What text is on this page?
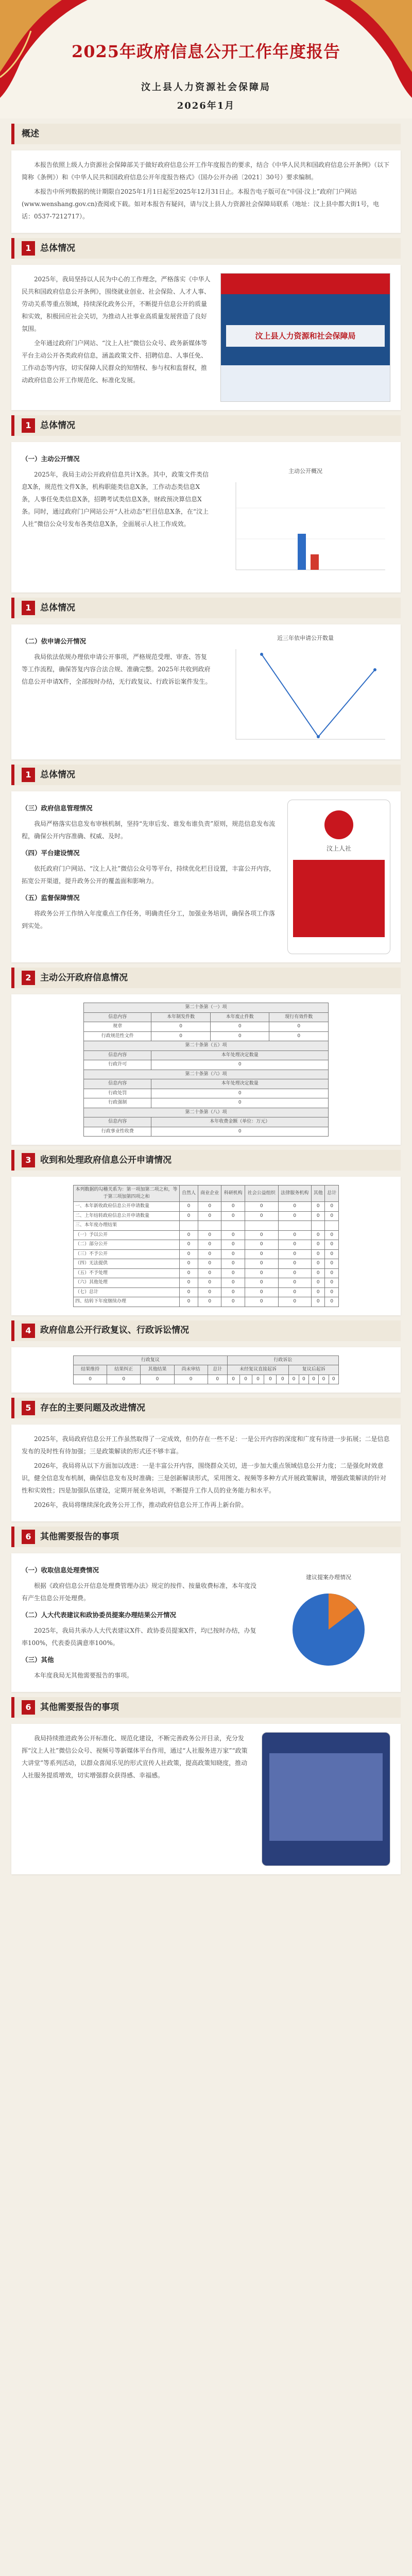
2025年政府信息公开工作年度报告
汶上县人力资源社会保障局
2026年1月
概述

本报告依照上级人力资源社会保障部关于做好政府信息公开工作年度报告的要求，结合《中华人民共和国政府信息公开条例》（以下简称《条例》）和《中华人民共和国政府信息公开年度报告格式》（国办公开办函〔2021〕30号）要求编制。

本报告中所列数据的统计期限自2025年1月1日起至2025年12月31日止。本报告电子版可在“中国·汶上”政府门户网站(www.wenshang.gov.cn)查阅或下载。如对本报告有疑问，请与汶上县人力资源社会保障局联系（地址：汶上县中都大街1号，电话：0537-7212717）。

1	总体情况

2025年，我局坚持以人民为中心的工作理念，严格落实《中华人民共和国政府信息公开条例》，围绕就业创业、社会保险、人才人事、劳动关系等重点领域，持续深化政务公开，不断提升信息公开的质量和实效，积极回应社会关切，为推动人社事业高质量发展营造了良好氛围。

全年通过政府门户网站、“汶上人社”微信公众号、政务新媒体等平台主动公开各类政府信息，涵盖政策文件、招聘信息、人事任免、工作动态等内容，切实保障人民群众的知情权、参与权和监督权，推动政府信息公开工作规范化、标准化发展。

汶上县人力资源和社会保障局
1	总体情况
（一）主动公开情况

2025年，我局主动公开政府信息共计X条。其中，政策文件类信息X条，规范性文件X条，机构职能类信息X条，工作动态类信息X条，人事任免类信息X条，招聘考试类信息X条，财政预决算信息X条。同时，通过政府门户网站公开“人社动态”栏目信息X条，在“汶上人社”微信公众号发布各类信息X条，全面展示人社工作成效。

主动公开概况
1	总体情况
（二）依申请公开情况

我局依法依规办理依申请公开事项，严格规范受理、审查、答复等工作流程，确保答复内容合法合规、准确完整。2025年共收到政府信息公开申请X件，全部按时办结，无行政复议、行政诉讼案件发生。

近三年依申请公开数量
1	总体情况
（三）政府信息管理情况

我局严格落实信息发布审核机制，坚持“先审后发、谁发布谁负责”原则，规范信息发布流程，确保公开内容准确、权威、及时。

（四）平台建设情况

依托政府门户网站、“汶上人社”微信公众号等平台，持续优化栏目设置，丰富公开内容，拓宽公开渠道，提升政务公开的覆盖面和影响力。

（五）监督保障情况

将政务公开工作纳入年度重点工作任务，明确责任分工，加强业务培训，确保各项工作落到实处。

汶上人社
2	主动公开政府信息情况
第二十条第（一）项			
信息内容	本年制发件数	本年废止件数	现行有效件数
规章	0	0	0
行政规范性文件	0	0	0
第二十条第（五）项			
信息内容	本年处理决定数量		
行政许可	0		
第二十条第（六）项			
信息内容	本年处理决定数量		
行政处罚	0		
行政强制	0		
第二十条第（八）项			
信息内容	本年收费金额（单位：万元）		
行政事业性收费	0		
3	收到和处理政府信息公开申请情况
本列数据的勾稽关系为：第一项加第二项之和，等于第三项加第四项之和	自然人	商业企业	科研机构	社会公益组织	法律服务机构	其他	总计
一、本年新收政府信息公开申请数量	0	0	0	0	0	0	0
二、上年结转政府信息公开申请数量	0	0	0	0	0	0	0
三、本年度办理结果							
（一）予以公开	0	0	0	0	0	0	0
（二）部分公开	0	0	0	0	0	0	0
（三）不予公开	0	0	0	0	0	0	0
（四）无法提供	0	0	0	0	0	0	0
（五）不予处理	0	0	0	0	0	0	0
（六）其他处理	0	0	0	0	0	0	0
（七）总计	0	0	0	0	0	0	0
四、结转下年度继续办理	0	0	0	0	0	0	0
4	政府信息公开行政复议、行政诉讼情况
行政复议					行政诉讼									
结果维持	结果纠正	其他结果	尚未审结	总计	未经复议直接起诉					复议后起诉				
0	0	0	0	0	0	0	0	0	0	0	0	0	0	0
5	存在的主要问题及改进情况

2025年，我局政府信息公开工作虽然取得了一定成效，但仍存在一些不足：一是公开内容的深度和广度有待进一步拓展；二是信息发布的及时性有待加强；三是政策解读的形式还不够丰富。

2026年，我局将从以下方面加以改进：一是丰富公开内容，围绕群众关切，进一步加大重点领域信息公开力度；二是强化时效意识，健全信息发布机制，确保信息发布及时准确；三是创新解读形式，采用图文、视频等多种方式开展政策解读，增强政策解读的针对性和实效性；四是加强队伍建设，定期开展业务培训，不断提升工作人员的业务能力和水平。

2026年，我局将继续深化政务公开工作，推动政府信息公开工作再上新台阶。

6	其他需要报告的事项
（一）收取信息处理费情况

根据《政府信息公开信息处理费管理办法》规定的按件、按量收费标准，本年度没有产生信息公开处理费。

（二）人大代表建议和政协委员提案办理结果公开情况

2025年，我局共承办人大代表建议X件、政协委员提案X件，均已按时办结，办复率100%，代表委员满意率100%。

（三）其他

本年度我局无其他需要报告的事项。

建议提案办理情况
6	其他需要报告的事项

我局持续推进政务公开标准化、规范化建设，不断完善政务公开目录，充分发挥“汶上人社”微信公众号、视频号等新媒体平台作用，通过“人社服务进万家”“政策大讲堂”等系列活动，以群众喜闻乐见的形式宣传人社政策，提高政策知晓度，推动人社服务提质增效，切实增强群众获得感、幸福感。
